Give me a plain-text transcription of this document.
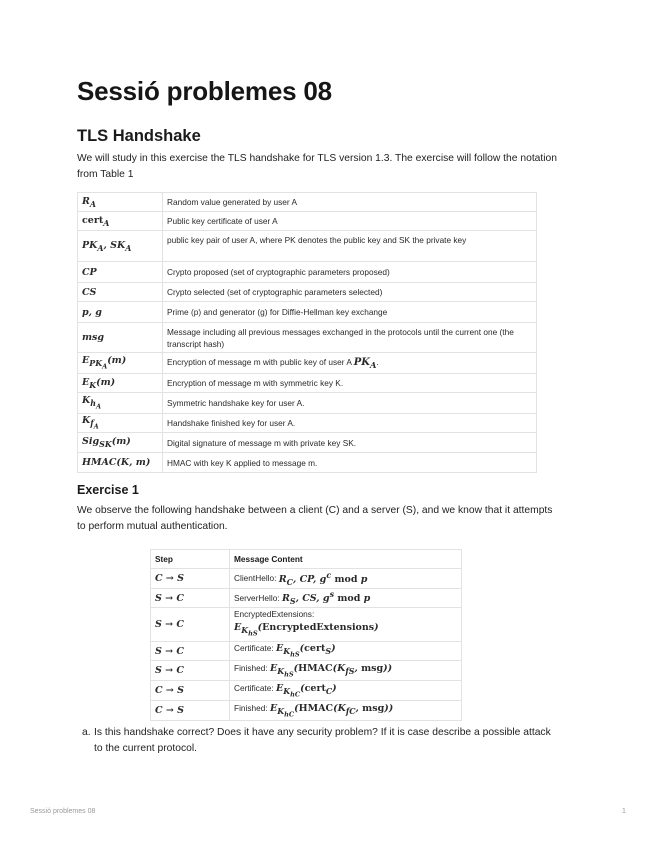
Sessió problemes 08
TLS Handshake

We will study in this exercise the TLS handshake for TLS version 1.3. The exercise will follow the notation from Table 1

$R_A$	Random value generated by user A
cert$_A$	Public key certificate of user A
$PK_A$, $SK_A$	public key pair of user A, where PK denotes the public key and SK the private key
CP	Crypto proposed (set of cryptographic parameters proposed)
CS	Crypto selected (set of cryptographic parameters selected)
p, g	Prime (p) and generator (g) for Diffie-Hellman key exchange
msg	Message including all previous messages exchanged in the protocols until the current one (the transcript hash)
$E_{PK_A}(m)$	Encryption of message m with public key of user A $PK_A$.
$E_K(m)$	Encryption of message m with symmetric key K.
$K_{h_A}$	Symmetric handshake key for user A.
$K_{f_A}$	Handshake finished key for user A.
Sig$_{SK}$(m)	Digital signature of message m with private key SK.
HMAC(K, m)	HMAC with key K applied to message m.
Exercise 1

We observe the following handshake between a client (C) and a server (S), and we know that it attempts to perform mutual authentication.

Step	Message Content
C → S	ClientHello: $R_C$, CP, $g^c$ mod p
S → C	ServerHello: $R_S$, CS, $g^s$ mod p
S → C	EncryptedExtensions:
$E_{K_{hS}}(EncryptedExtensions)$
S → C	Certificate: $E_{K_{hS}}(cert_S)$
S → C	Finished: $E_{K_{hS}}(HMAC(K_{fS}$, msg))
C → S	Certificate: $E_{K_{hC}}(cert_C)$
C → S	Finished: $E_{K_{hC}}(HMAC(K_{fC}$, msg))
a. Is this handshake correct? Does it have any security problem? If it is case describe a possible attack to the current protocol.
Sessió problemes 08	1
